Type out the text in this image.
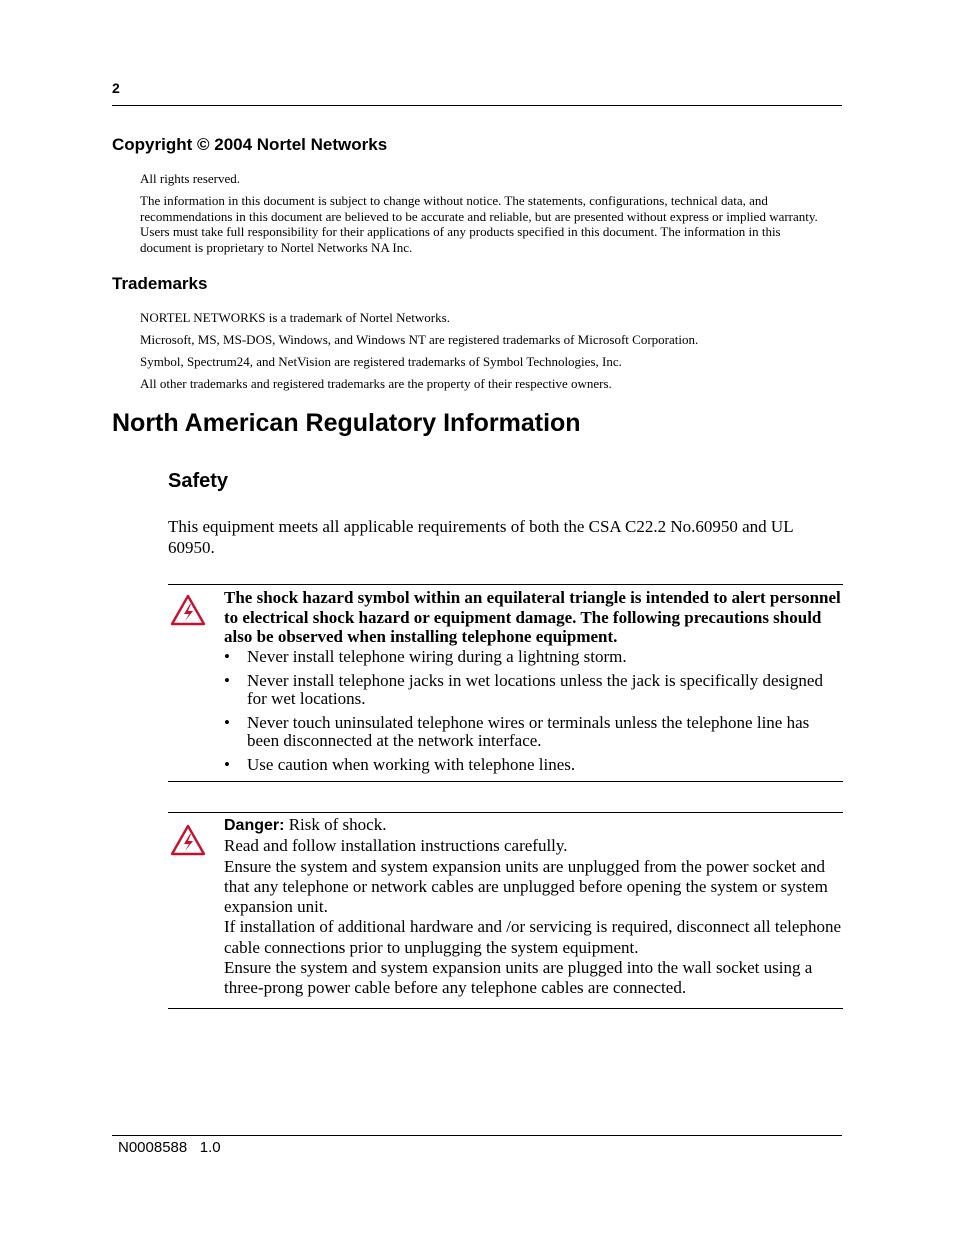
2
Copyright © 2004 Nortel Networks
All rights reserved.
The information in this document is subject to change without notice. The statements, configurations, technical data, and recommendations in this document are believed to be accurate and reliable, but are presented without express or implied warranty. Users must take full responsibility for their applications of any products specified in this document. The information in this document is proprietary to Nortel Networks NA Inc.
Trademarks
NORTEL NETWORKS is a trademark of Nortel Networks.
Microsoft, MS, MS-DOS, Windows, and Windows NT are registered trademarks of Microsoft Corporation.
Symbol, Spectrum24, and NetVision are registered trademarks of Symbol Technologies, Inc.
All other trademarks and registered trademarks are the property of their respective owners.
North American Regulatory Information
Safety
This equipment meets all applicable requirements of both the CSA C22.2 No.60950 and UL 60950.
The shock hazard symbol within an equilateral triangle is intended to alert personnel to electrical shock hazard or equipment damage. The following precautions should also be observed when installing telephone equipment.
• Never install telephone wiring during a lightning storm.
• Never install telephone jacks in wet locations unless the jack is specifically designed for wet locations.
• Never touch uninsulated telephone wires or terminals unless the telephone line has been disconnected at the network interface.
• Use caution when working with telephone lines.

Danger: Risk of shock.

Read and follow installation instructions carefully.

Ensure the system and system expansion units are unplugged from the power socket and that any telephone or network cables are unplugged before opening the system or system expansion unit.

If installation of additional hardware and /or servicing is required, disconnect all telephone cable connections prior to unplugging the system equipment.

Ensure the system and system expansion units are plugged into the wall socket using a three-prong power cable before any telephone cables are connected.

N0008588   1.0
